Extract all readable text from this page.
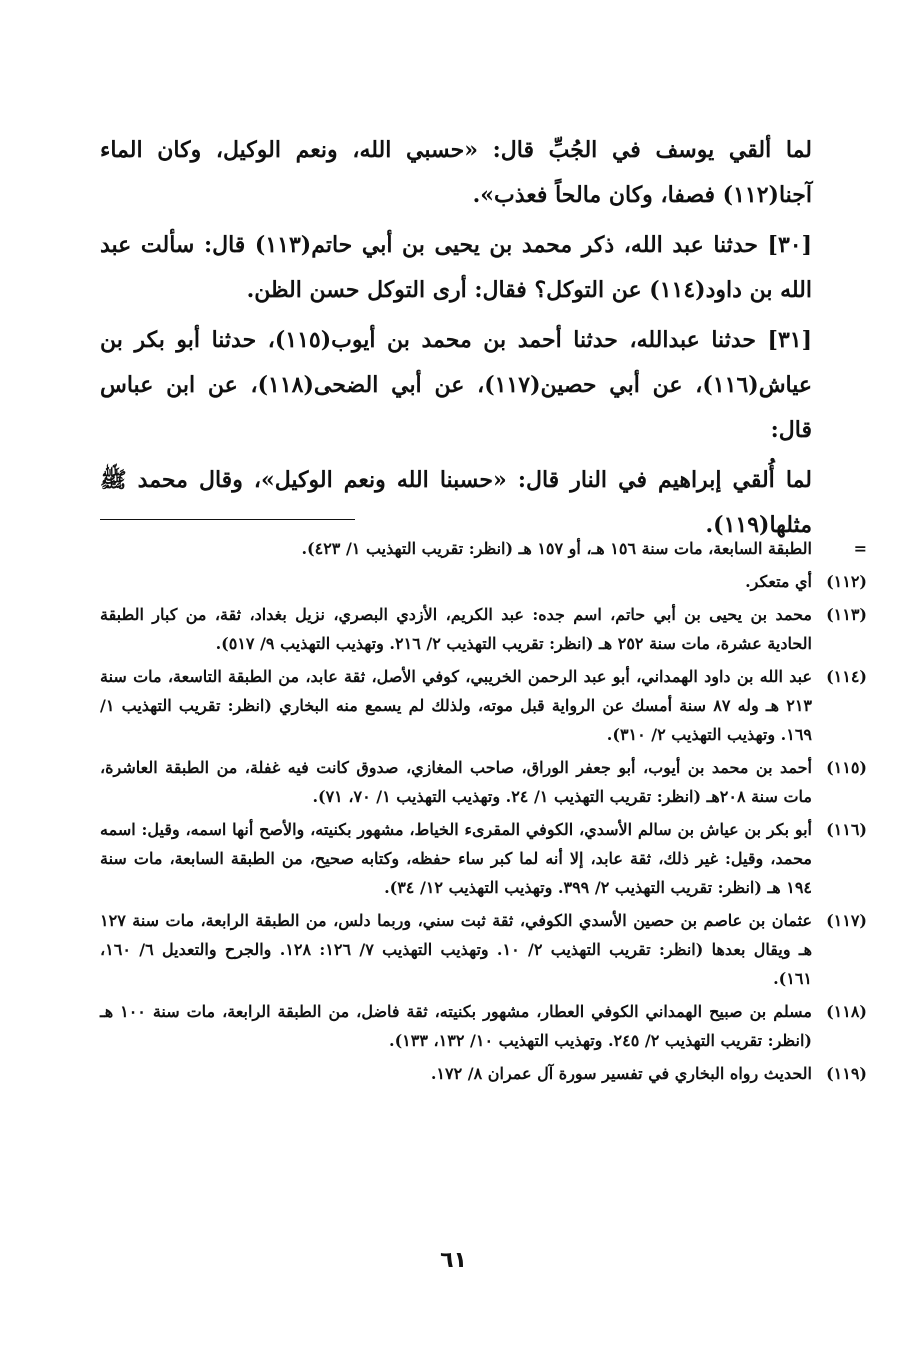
لما ألقي يوسف في الجُبِّ قال: «حسبي الله، ونعم الوكيل، وكان الماء آجنا(١١٢) فصفا، وكان مالحاً فعذب».

[٣٠] حدثنا عبد الله، ذكر محمد بن يحيى بن أبي حاتم(١١٣) قال: سألت عبد الله بن داود(١١٤) عن التوكل؟ فقال: أرى التوكل حسن الظن.

[٣١] حدثنا عبدالله، حدثنا أحمد بن محمد بن أيوب(١١٥)، حدثنا أبو بكر بن عياش(١١٦)، عن أبي حصين(١١٧)، عن أبي الضحى(١١٨)، عن ابن عباس قال:

لما أُلقي إبراهيم في النار قال: «حسبنا الله ونعم الوكيل»، وقال محمد ﷺ مثلها(١١٩).

=
الطبقة السابعة، مات سنة ١٥٦ هـ، أو ١٥٧ هـ (انظر: تقريب التهذيب ١/ ٤٢٣).
(١١٢)
أي متعكر.
(١١٣)
محمد بن يحيى بن أبي حاتم، اسم جده: عبد الكريم، الأزدي البصري، نزيل بغداد، ثقة، من كبار الطبقة الحادية عشرة، مات سنة ٢٥٢ هـ (انظر: تقريب التهذيب ٢/ ٢١٦. وتهذيب التهذيب ٩/ ٥١٧).
(١١٤)
عبد الله بن داود الهمداني، أبو عبد الرحمن الخريبي، كوفي الأصل، ثقة عابد، من الطبقة التاسعة، مات سنة ٢١٣ هـ وله ٨٧ سنة أمسك عن الرواية قبل موته، ولذلك لم يسمع منه البخاري (انظر: تقريب التهذيب ١/ ١٦٩. وتهذيب التهذيب ٢/ ٣١٠).
(١١٥)
أحمد بن محمد بن أيوب، أبو جعفر الوراق، صاحب المغازي، صدوق كانت فيه غفلة، من الطبقة العاشرة، مات سنة ٢٠٨هـ (انظر: تقريب التهذيب ١/ ٢٤. وتهذيب التهذيب ١/ ٧٠، ٧١).
(١١٦)
أبو بكر بن عياش بن سالم الأسدي، الكوفي المقرىء الخياط، مشهور بكنيته، والأصح أنها اسمه، وقيل: اسمه محمد، وقيل: غير ذلك، ثقة عابد، إلا أنه لما كبر ساء حفظه، وكتابه صحيح، من الطبقة السابعة، مات سنة ١٩٤ هـ (انظر: تقريب التهذيب ٢/ ٣٩٩. وتهذيب التهذيب ١٢/ ٣٤).
(١١٧)
عثمان بن عاصم بن حصين الأسدي الكوفي، ثقة ثبت سني، وربما دلس، من الطبقة الرابعة، مات سنة ١٢٧ هـ ويقال بعدها (انظر: تقريب التهذيب ٢/ ١٠. وتهذيب التهذيب ٧/ ١٢٦: ١٢٨. والجرح والتعديل ٦/ ١٦٠، ١٦١).
(١١٨)
مسلم بن صبيح الهمداني الكوفي العطار، مشهور بكنيته، ثقة فاضل، من الطبقة الرابعة، مات سنة ١٠٠ هـ (انظر: تقريب التهذيب ٢/ ٢٤٥. وتهذيب التهذيب ١٠/ ١٣٢، ١٣٣).
(١١٩)
الحديث رواه البخاري في تفسير سورة آل عمران ٨/ ١٧٢.
٦١
